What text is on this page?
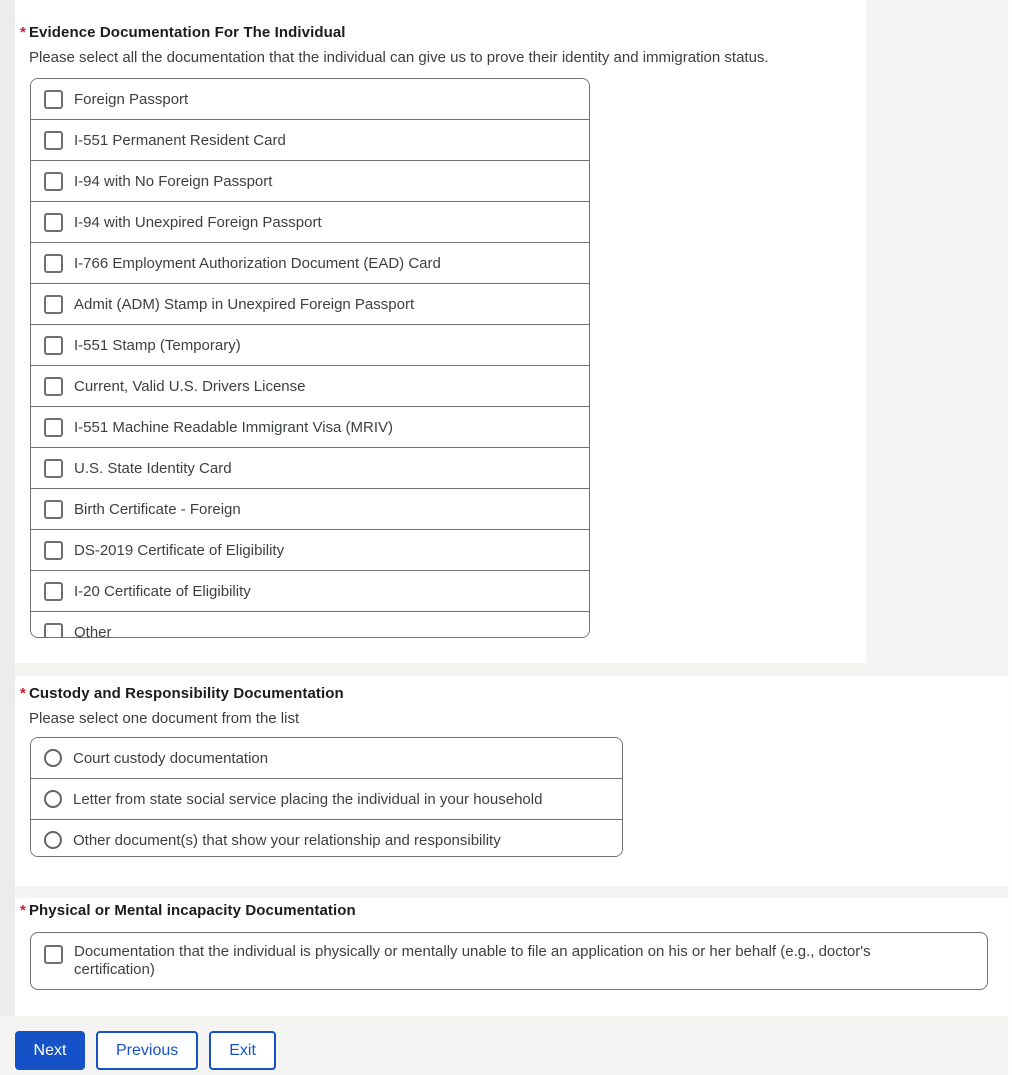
* Evidence Documentation For The Individual
Please select all the documentation that the individual can give us to prove their identity and immigration status.
Foreign Passport
I-551 Permanent Resident Card
I-94 with No Foreign Passport
I-94 with Unexpired Foreign Passport
I-766 Employment Authorization Document (EAD) Card
Admit (ADM) Stamp in Unexpired Foreign Passport
I-551 Stamp (Temporary)
Current, Valid U.S. Drivers License
I-551 Machine Readable Immigrant Visa (MRIV)
U.S. State Identity Card
Birth Certificate - Foreign
DS-2019 Certificate of Eligibility
I-20 Certificate of Eligibility
Other
* Custody and Responsibility Documentation
Please select one document from the list
Court custody documentation
Letter from state social service placing the individual in your household
Other document(s) that show your relationship and responsibility
* Physical or Mental incapacity Documentation
Documentation that the individual is physically or mentally unable to file an application on his or her behalf (e.g., doctor's certification)
Next	Previous	Exit
